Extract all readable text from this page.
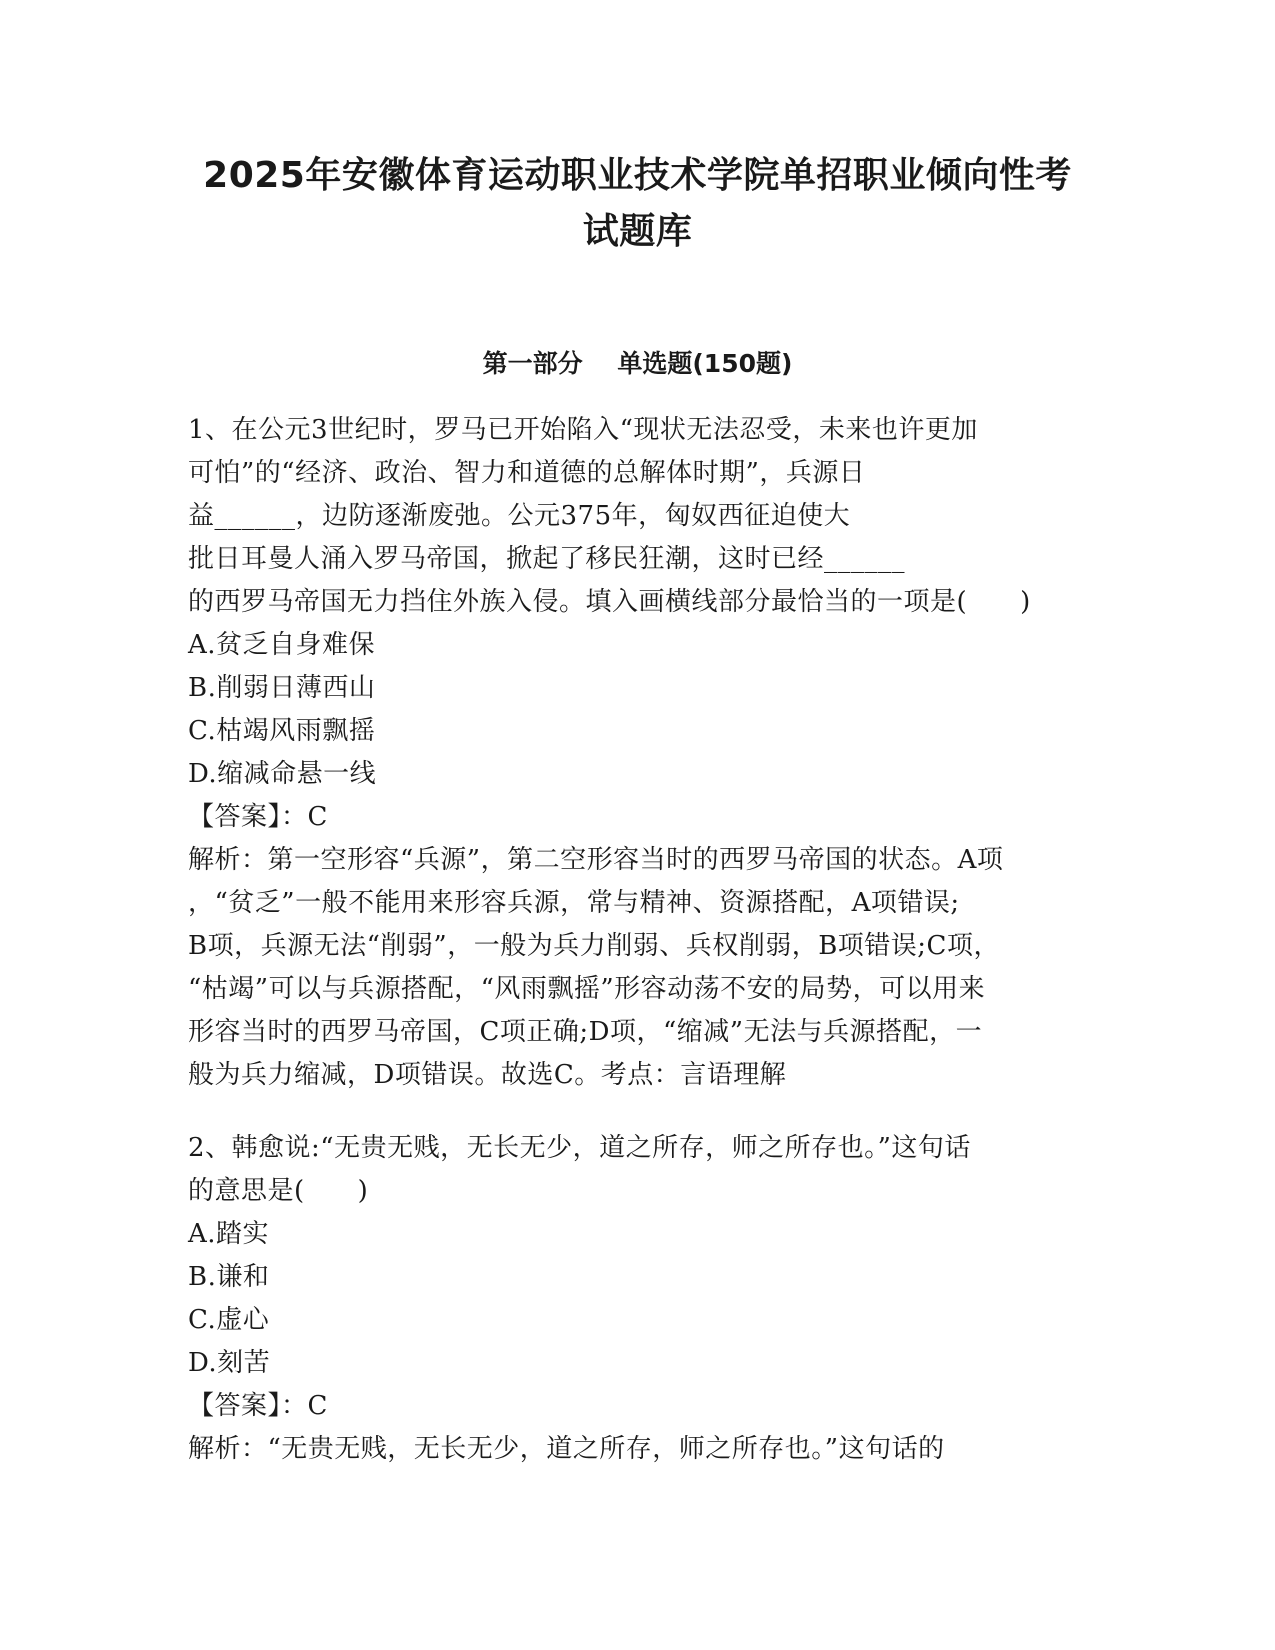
2025年安徽体育运动职业技术学院单招职业倾向性考
试题库
第一部分    单选题(150题)
1、在公元3世纪时，罗马已开始陷入“现状无法忍受，未来也许更加
可怕”的“经济、政治、智力和道德的总解体时期”，兵源日
益______，边防逐渐废弛。公元375年，匈奴西征迫使大
批日耳曼人涌入罗马帝国，掀起了移民狂潮，这时已经______
的西罗马帝国无力挡住外族入侵。填入画横线部分最恰当的一项是(　　)
A.贫乏自身难保
B.削弱日薄西山
C.枯竭风雨飘摇
D.缩减命悬一线
【答案】：C
解析：第一空形容“兵源”，第二空形容当时的西罗马帝国的状态。A项
，“贫乏”一般不能用来形容兵源，常与精神、资源搭配，A项错误;
B项，兵源无法“削弱”，一般为兵力削弱、兵权削弱，B项错误;C项，
“枯竭”可以与兵源搭配，“风雨飘摇”形容动荡不安的局势，可以用来
形容当时的西罗马帝国，C项正确;D项，“缩减”无法与兵源搭配，一
般为兵力缩减，D项错误。故选C。考点：言语理解
2、韩愈说:“无贵无贱，无长无少，道之所存，师之所存也。”这句话
的意思是(　　)
A.踏实
B.谦和
C.虚心
D.刻苦
【答案】：C
解析：“无贵无贱，无长无少，道之所存，师之所存也。”这句话的
